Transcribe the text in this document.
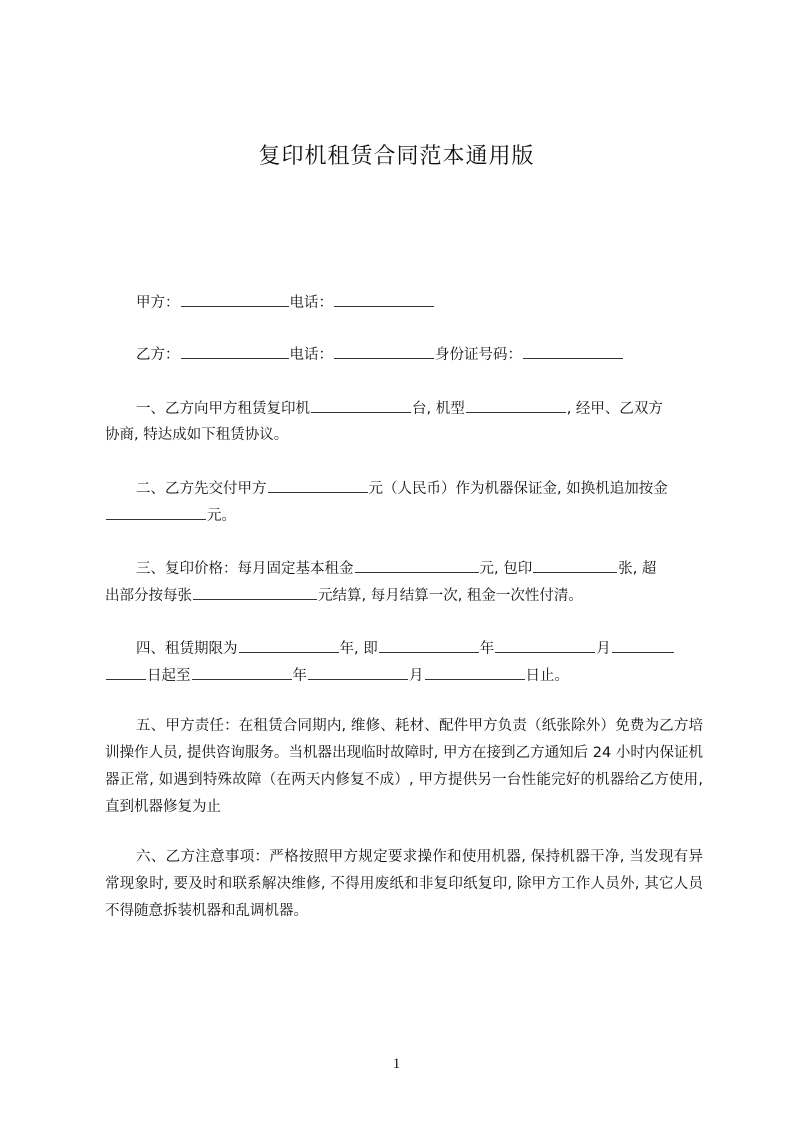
复印机租赁合同范本通用版
甲方：	电话：
乙方：	电话：	身份证号码：
一、乙方向甲方租赁复印机	台, 机型	, 经甲、乙双方
协商, 特达成如下租赁协议。
二、乙方先交付甲方	元（人民币）作为机器保证金, 如换机追加按金
元。
三、复印价格：每月固定基本租金	元, 包印	张, 超
出部分按每张	元结算, 每月结算一次, 租金一次性付清。
四、租赁期限为	年, 即	年	月
日起至	年	月	日止。
五、甲方责任：在租赁合同期内, 维修、耗材、配件甲方负责（纸张除外）免费为乙方培训操作人员, 提供咨询服务。当机器出现临时故障时, 甲方在接到乙方通知后 24 小时内保证机器正常, 如遇到特殊故障（在两天内修复不成）, 甲方提供另一台性能完好的机器给乙方使用, 直到机器修复为止
六、乙方注意事项：严格按照甲方规定要求操作和使用机器, 保持机器干净, 当发现有异常现象时, 要及时和联系解决维修, 不得用废纸和非复印纸复印, 除甲方工作人员外, 其它人员不得随意拆装机器和乱调机器。
1
